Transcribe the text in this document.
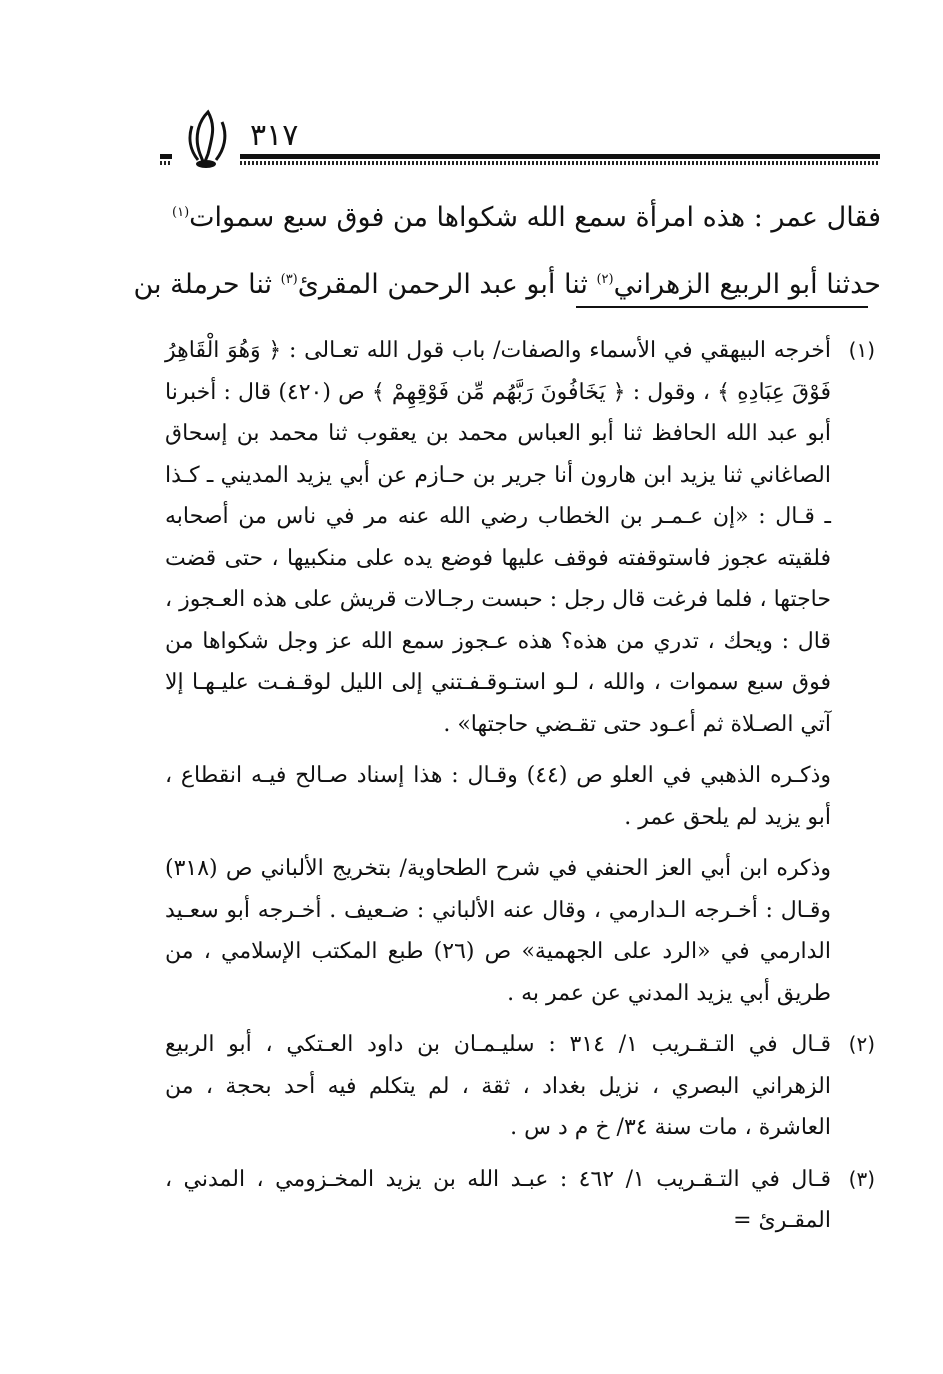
٣١٧
فقال عمر : هذه امرأة سمع الله شكواها من فوق سبع سموات$^{(١)}$
حدثنا أبو الربيع الزهراني$^{(٢)}$ ثنا أبو عبد الرحمن المقرئ$^{(٣)}$ ثنا حرملة بن
(١)
أخرجه البيهقي في الأسماء والصفات/ باب قول الله تعـالى : ﴿ وَهُوَ الْقَاهِرُ فَوْقَ عِبَادِهِ ﴾ ، وقول : ﴿ يَخَافُونَ رَبَّهُم مِّن فَوْقِهِمْ ﴾ ص (٤٢٠) قال : أخبرنا أبو عبد الله الحافظ ثنا أبو العباس محمد بن يعقوب ثنا محمد بن إسحاق الصاغاني ثنا يزيد ابن هارون أنا جرير بن حـازم عن أبي يزيد المديني ـ كـذا ـ قـال : «إن عـمـر بن الخطاب رضي الله عنه مر في ناس من أصحابه فلقيته عجوز فاستوقفته فوقف عليها فوضع يده على منكبيها ، حتى قضت حاجتها ، فلما فرغت قال رجل : حبست رجـالات قريش على هذه العـجوز ، قال : ويحك ، تدري من هذه؟ هذه عـجوز سمع الله عز وجل شكواها من فوق سبع سموات ، والله ، لـو استـوقـفـتني إلى الليل لوقـفـت عليـهـا إلا آتي الصـلاة ثم أعـود حتى تقـضي حاجتها» .
وذكـره الذهبي في العلو ص (٤٤) وقـال : هذا إسناد صـالح فيـه انقطاع ، أبو يزيد لم يلحق عمر .
وذكره ابن أبي العز الحنفي في شرح الطحاوية/ بتخريج الألباني ص (٣١٨) وقـال : أخـرجه الـدارمي ، وقال عنه الألباني : ضـعيف . أخـرجه أبو سعـيد الدارمي في «الرد على الجهمية» ص (٢٦) طبع المكتب الإسلامي ، من طريق أبي يزيد المدني عن عمر به .
(٢)
قـال في التـقـريب ١/ ٣١٤ : سليـمـان بن داود العـتكي ، أبو الربيع الزهراني البصري ، نزيل بغداد ، ثقة ، لم يتكلم فيه أحد بحجة ، من العاشرة ، مات سنة ٣٤/ خ م د س .
(٣)
قـال في التـقـريب ١/ ٤٦٢ : عبـد الله بن يزيد المخـزومي ، المدني ، المقـرئ =
